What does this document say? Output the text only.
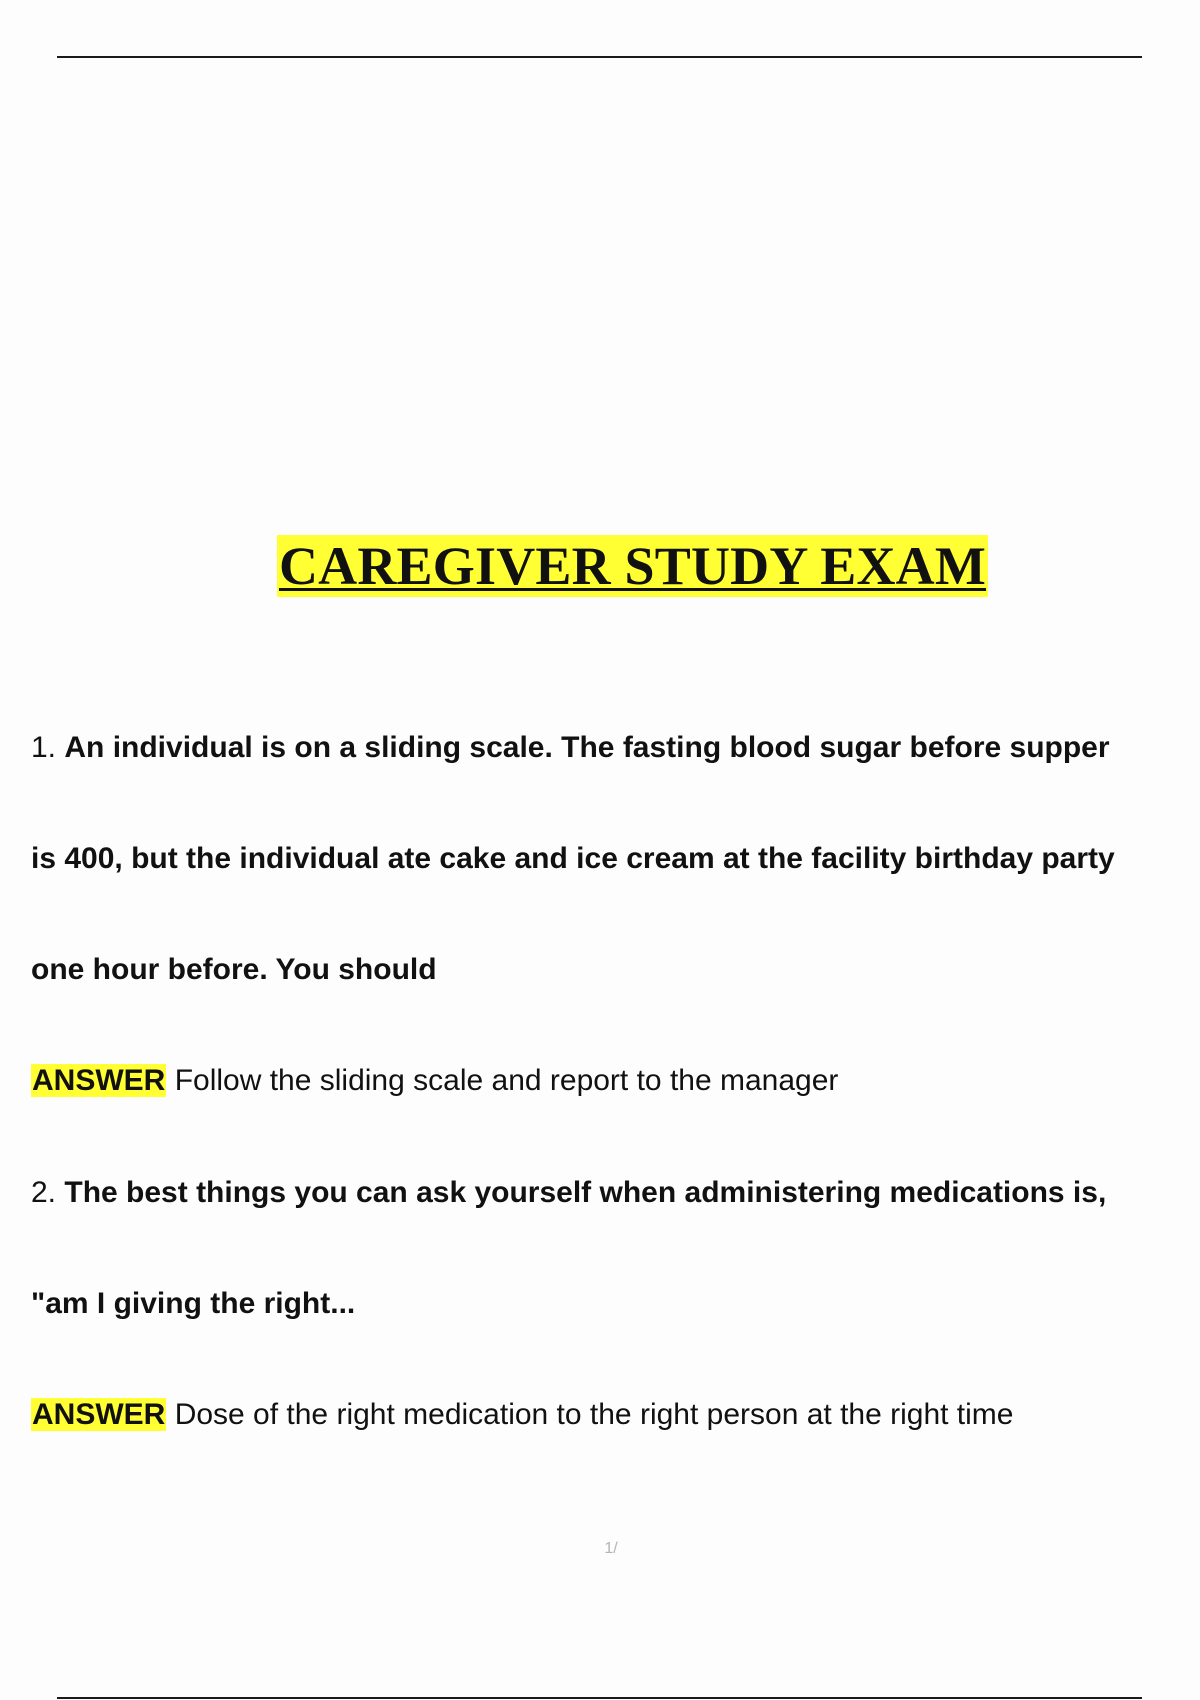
CAREGIVER STUDY EXAM
1. An individual is on a sliding scale. The fasting blood sugar before supper
is 400, but the individual ate cake and ice cream at the facility birthday party
one hour before. You should
ANSWER Follow the sliding scale and report to the manager
2. The best things you can ask yourself when administering medications is,
"am I giving the right...
ANSWER Dose of the right medication to the right person at the right time
1/
